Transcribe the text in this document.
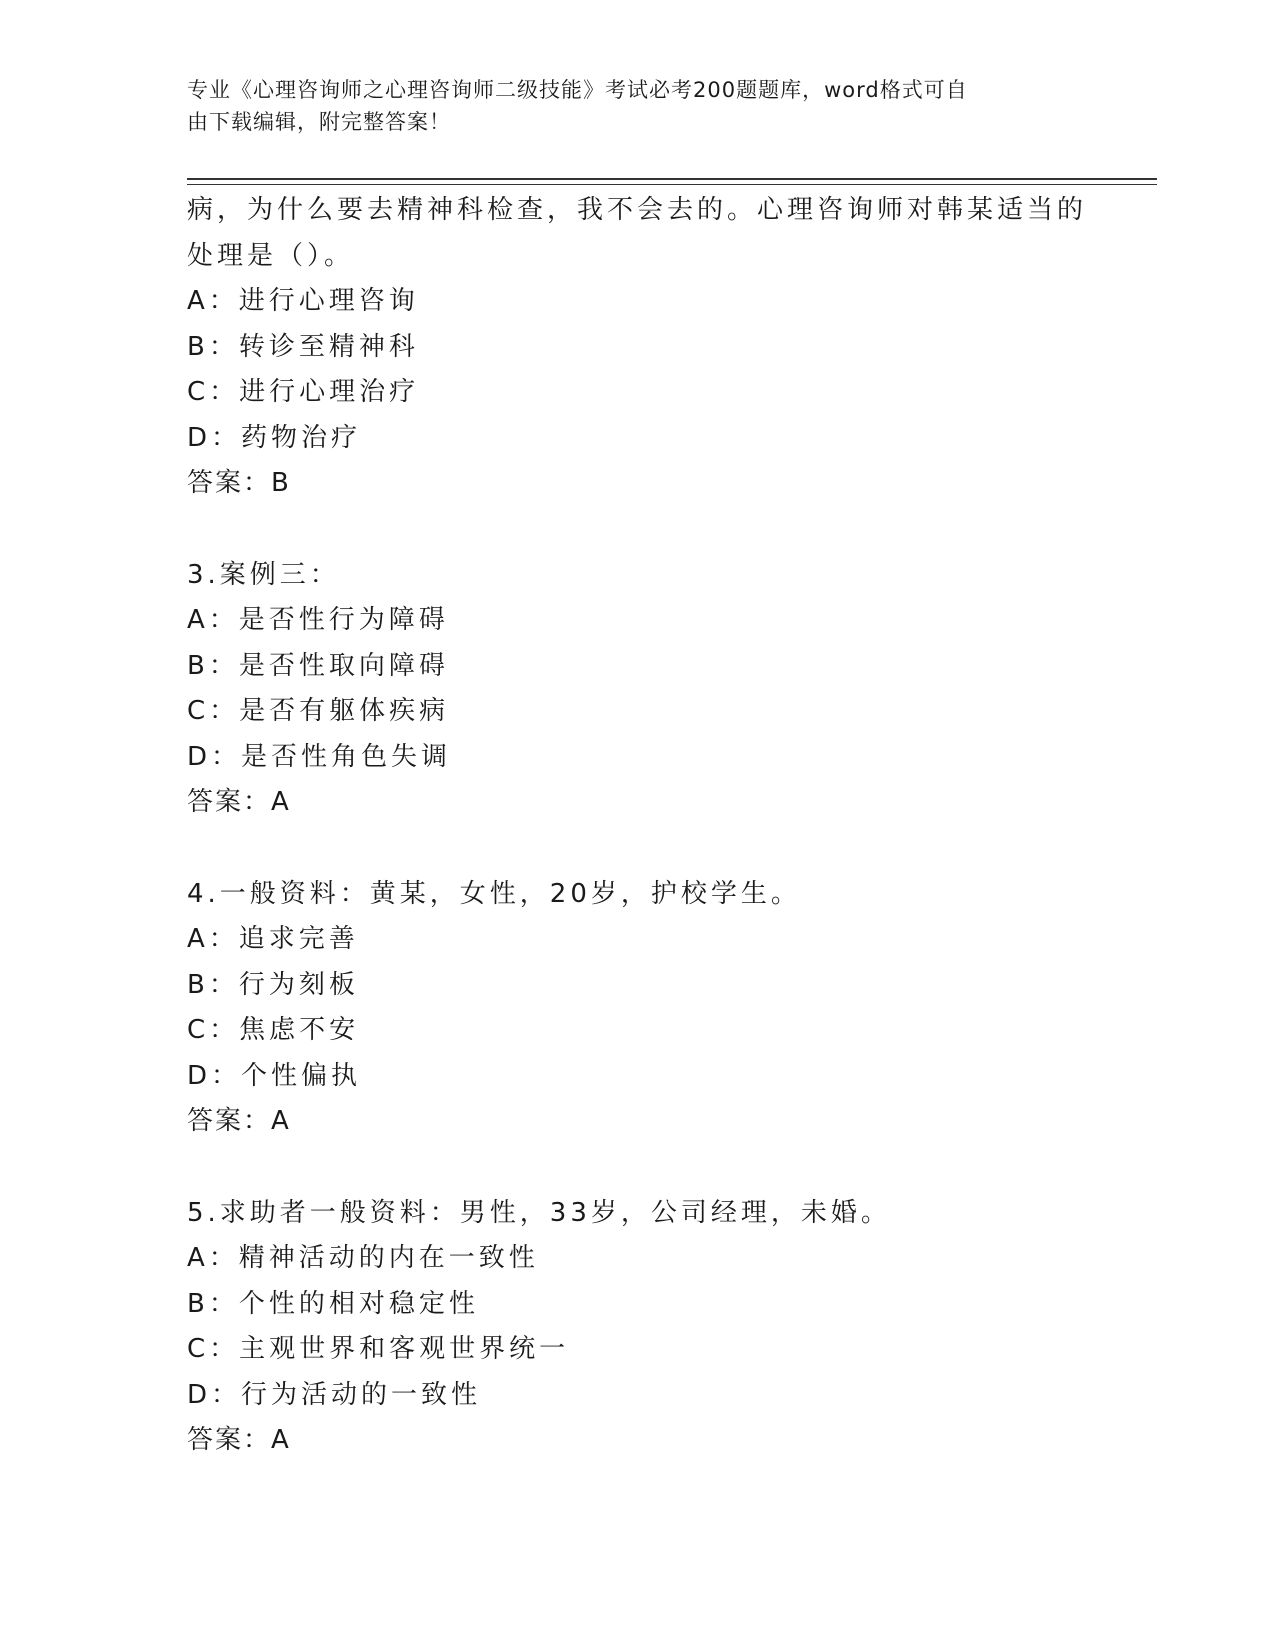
专业《心理咨询师之心理咨询师二级技能》考试必考200题题库，word格式可自
由下载编辑，附完整答案！
病，为什么要去精神科检查，我不会去的。心理咨询师对韩某适当的
处理是（）。
A：进行心理咨询
B：转诊至精神科
C：进行心理治疗
D：药物治疗
答案：B
3.案例三：
A：是否性行为障碍
B：是否性取向障碍
C：是否有躯体疾病
D：是否性角色失调
答案：A
4.一般资料：黄某，女性，20岁，护校学生。
A：追求完善
B：行为刻板
C：焦虑不安
D：个性偏执
答案：A
5.求助者一般资料：男性，33岁，公司经理，未婚。
A：精神活动的内在一致性
B：个性的相对稳定性
C：主观世界和客观世界统一
D：行为活动的一致性
答案：A
